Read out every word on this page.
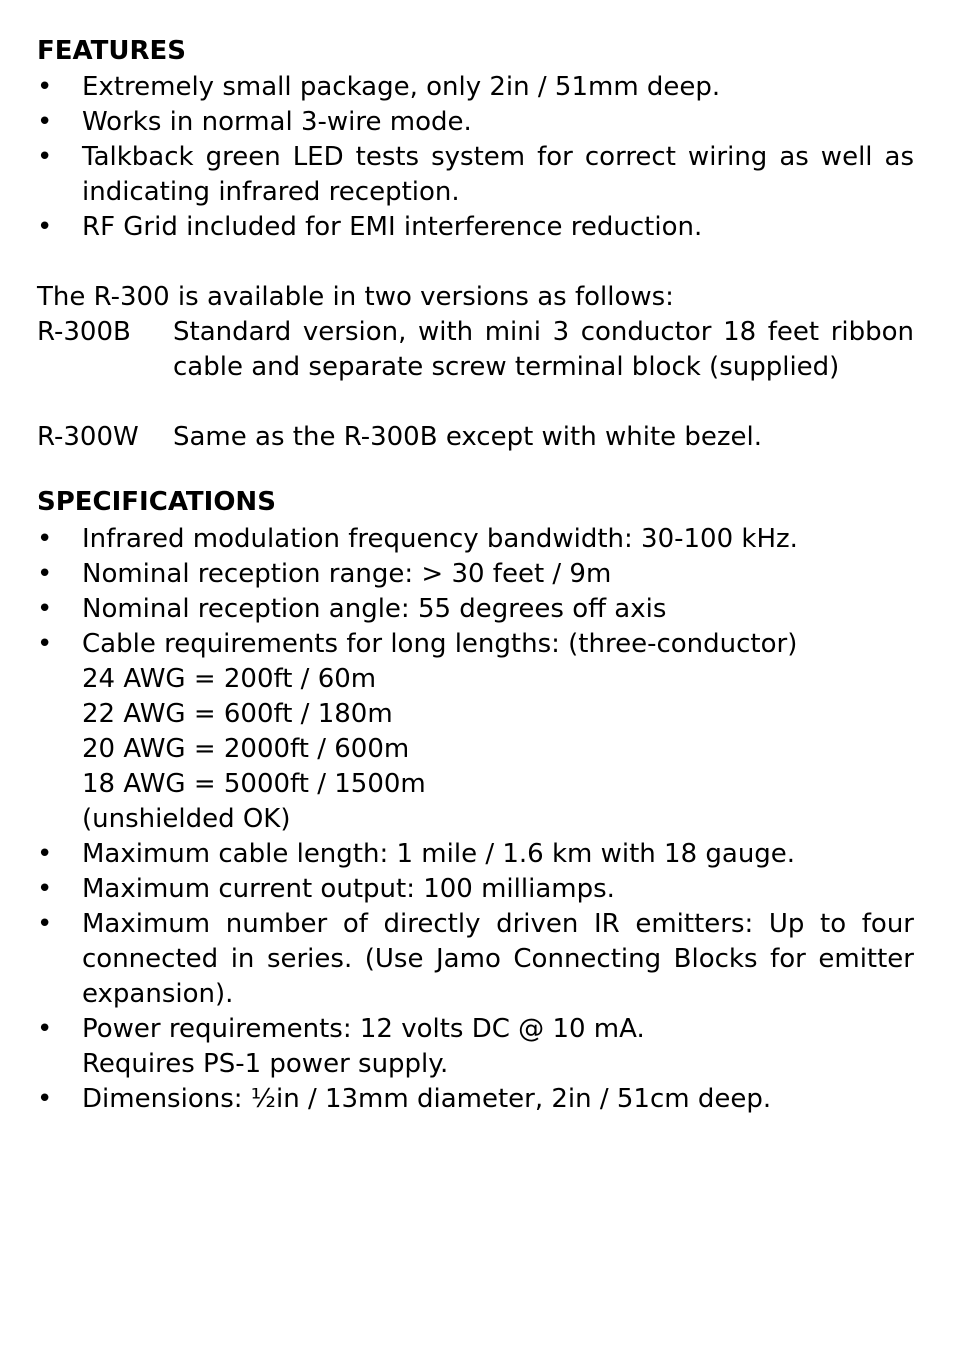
FEATURES
• Extremely small package, only 2in / 51mm deep.
• Works in normal 3-wire mode.
• Talkback green LED tests system for correct wiring as well as indicating infrared reception.
• RF Grid included for EMI interference reduction.

The R-300 is available in two versions as follows:

R-300B	Standard version, with mini 3 conductor 18 feet ribbon cable and separate screw terminal block (supplied)
R-300W	Same as the R-300B except with white bezel.
SPECIFICATIONS
• Infrared modulation frequency bandwidth: 30-100 kHz.
• Nominal reception range: > 30 feet / 9m
• Nominal reception angle: 55 degrees off axis
• Cable requirements for long lengths: (three-conductor)
24 AWG = 200ft / 60m
22 AWG = 600ft / 180m
20 AWG = 2000ft / 600m
18 AWG = 5000ft / 1500m
(unshielded OK)
• Maximum cable length: 1 mile / 1.6 km with 18 gauge.
• Maximum current output: 100 milliamps.
• Maximum number of directly driven IR emitters: Up to four connected in series. (Use Jamo Connecting Blocks for emitter expansion).
• Power requirements: 12 volts DC @ 10 mA.
Requires PS-1 power supply.
• Dimensions: ½in / 13mm diameter, 2in / 51cm deep.
